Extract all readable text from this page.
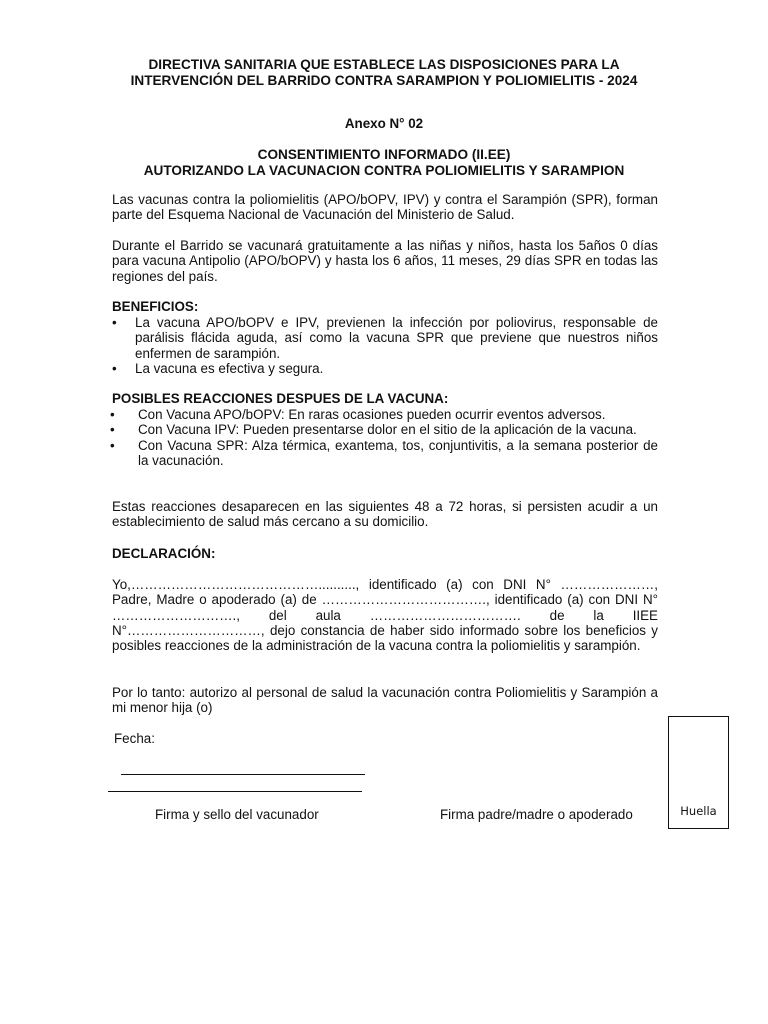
DIRECTIVA SANITARIA QUE ESTABLECE LAS DISPOSICIONES PARA LA
INTERVENCIÓN DEL BARRIDO CONTRA SARAMPION Y POLIOMIELITIS - 2024
Anexo N° 02
CONSENTIMIENTO INFORMADO (II.EE)
AUTORIZANDO LA VACUNACION CONTRA POLIOMIELITIS Y SARAMPION
Las vacunas contra la poliomielitis (APO/bOPV, IPV) y contra el Sarampión (SPR), forman parte del Esquema Nacional de Vacunación del Ministerio de Salud.
Durante el Barrido se vacunará gratuitamente a las niñas y niños, hasta los 5años 0 días para vacuna Antipolio (APO/bOPV) y hasta los 6 años, 11 meses, 29 días SPR en todas las regiones del país.
BENEFICIOS:
• La vacuna APO/bOPV e IPV, previenen la infección por poliovirus, responsable de parálisis flácida aguda, así como la vacuna SPR que previene que nuestros niños enfermen de sarampión.
• La vacuna es efectiva y segura.
POSIBLES REACCIONES DESPUES DE LA VACUNA:
• Con Vacuna APO/bOPV: En raras ocasiones pueden ocurrir eventos adversos.
• Con Vacuna IPV: Pueden presentarse dolor en el sitio de la aplicación de la vacuna.
• Con Vacuna SPR: Alza térmica, exantema, tos, conjuntivitis, a la semana posterior de la vacunación.
Estas reacciones desaparecen en las siguientes 48 a 72 horas, si persisten acudir a un establecimiento de salud más cercano a su domicilio.
DECLARACIÓN:
Yo,…………………………………….........., identificado (a) con DNI N° …………………, Padre, Madre o apoderado (a) de ………………………………., identificado (a) con DNI N° ………………………., del aula ……………………………. de la IIEE N°…………………………, dejo constancia de haber sido informado sobre los beneficios y posibles reacciones de la administración de la vacuna contra la poliomielitis y sarampión.
Por lo tanto: autorizo al personal de salud la vacunación contra Poliomielitis y Sarampión a mi menor hija (o)
Fecha:
Firma y sello del vacunador	Firma padre/madre o apoderado	Huella
